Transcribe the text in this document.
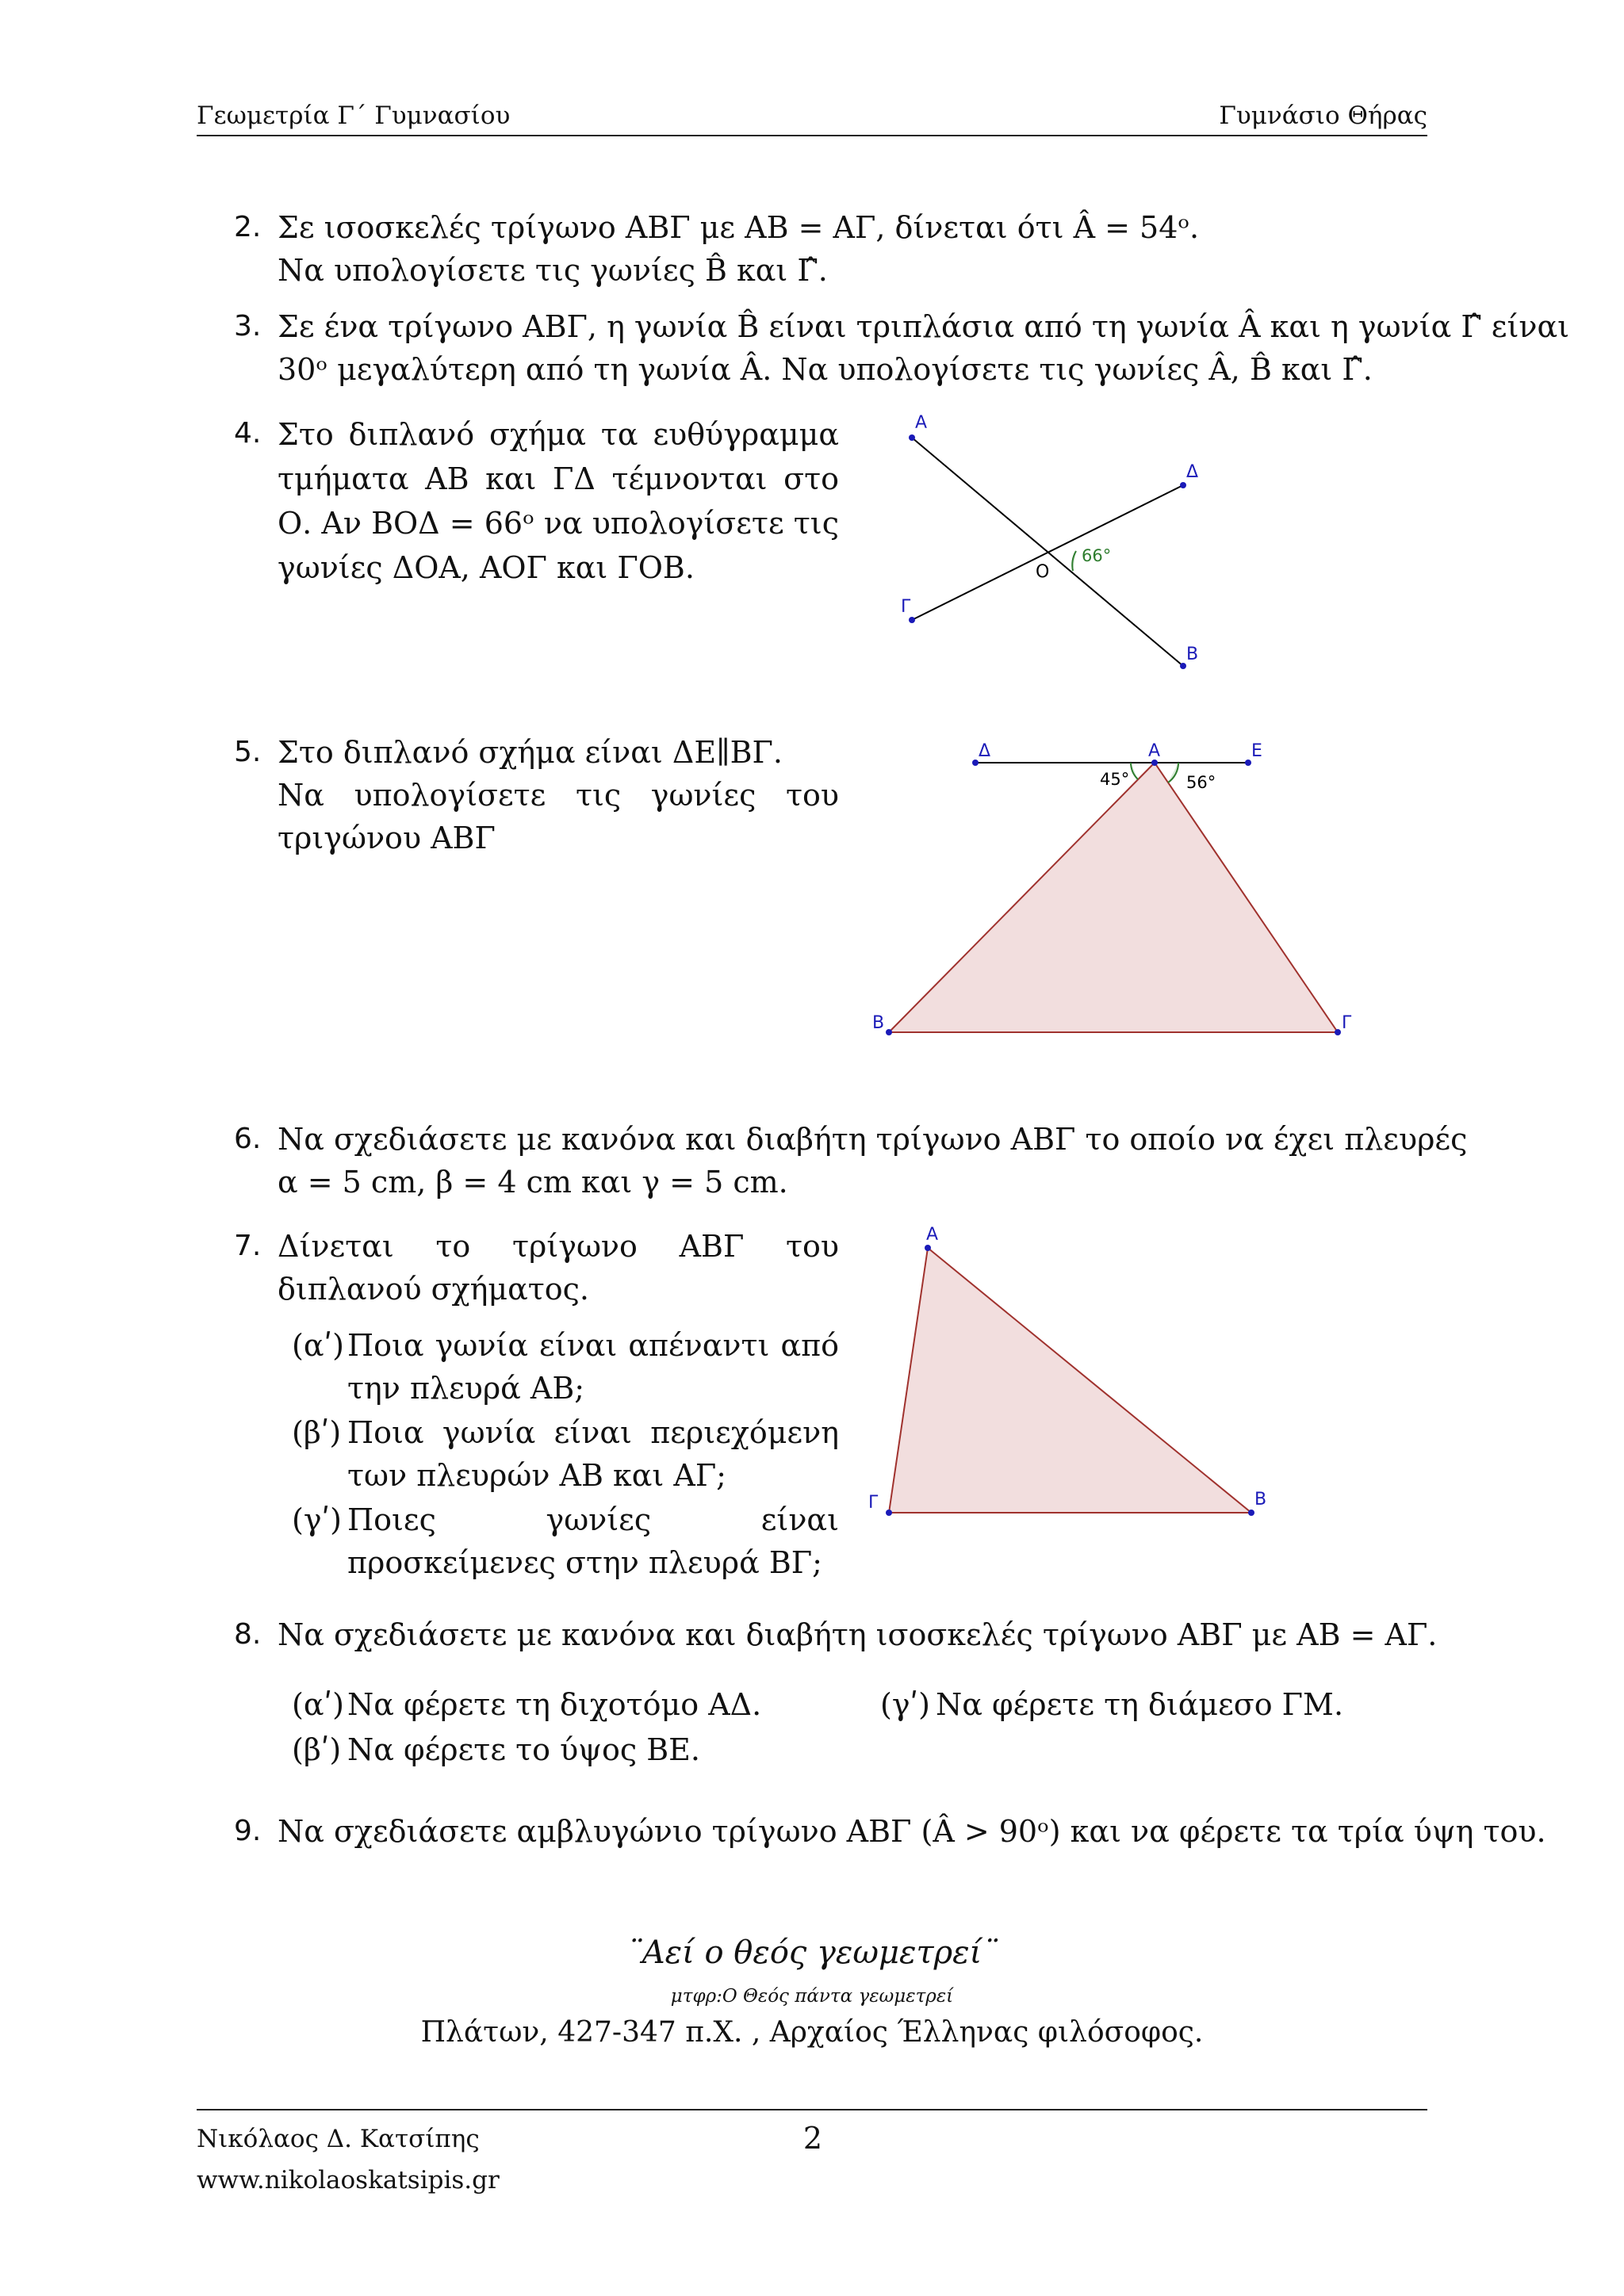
Γεωμετρία Γ΄ Γυμνασίου	Γυμνάσιο Θήρας
2. Σε ισοσκελές τρίγωνο ΑΒΓ με ΑΒ = ΑΓ, δίνεται ότι Â = 54ᵒ.
Να υπολογίσετε τις γωνίες B̂ και Γ̂.
3. Σε ένα τρίγωνο ΑΒΓ, η γωνία B̂ είναι τριπλάσια από τη γωνία Â και η γωνία Γ̂ είναι
30ᵒ μεγαλύτερη από τη γωνία Â. Να υπολογίσετε τις γωνίες Â, B̂ και Γ̂.
4. Στο διπλανό σχήμα τα ευθύγραμμα τμήματα ΑΒ και ΓΔ τέμνονται στο Ο. Αν ΒΟΔ = 66ᵒ να υπολογίσετε τις γωνίες ΔΟΑ, ΑΟΓ και ΓΟΒ.
Α
Δ
Ο
Γ
Β
66°
5. Στο διπλανό σχήμα είναι ΔΕ∥ΒΓ.
Να υπολογίσετε τις γωνίες του τριγώνου ΑΒΓ
Δ	Α	Ε
Β	Γ
45°	56°
6. Να σχεδιάσετε με κανόνα και διαβήτη τρίγωνο ΑΒΓ το οποίο να έχει πλευρές
α = 5 cm, β = 4 cm και γ = 5 cm.
7. Δίνεται το τρίγωνο ΑΒΓ του διπλανού σχήματος.
(αʹ) Ποια γωνία είναι απέναντι από την πλευρά ΑΒ;
(βʹ) Ποια γωνία είναι περιεχόμενη των πλευρών ΑΒ και ΑΓ;
(γʹ) Ποιες γωνίες είναι προσκείμενες στην πλευρά ΒΓ;
Α
Γ	Β
8. Να σχεδιάσετε με κανόνα και διαβήτη ισοσκελές τρίγωνο ΑΒΓ με ΑΒ = ΑΓ.
(αʹ) Να φέρετε τη διχοτόμο ΑΔ.
(βʹ) Να φέρετε το ύψος ΒΕ.
(γʹ) Να φέρετε τη διάμεσο ΓΜ.
9. Να σχεδιάσετε αμβλυγώνιο τρίγωνο ΑΒΓ (Â > 90ᵒ) και να φέρετε τα τρία ύψη του.
¨Αεί ο θεός γεωμετρεί¨
μτφρ:Ο Θεός πάντα γεωμετρεί
Πλάτων, 427-347 π.Χ. , Αρχαίος Έλληνας φιλόσοφος.
Νικόλαος Δ. Κατσίπης
www.nikolaoskatsipis.gr
2
